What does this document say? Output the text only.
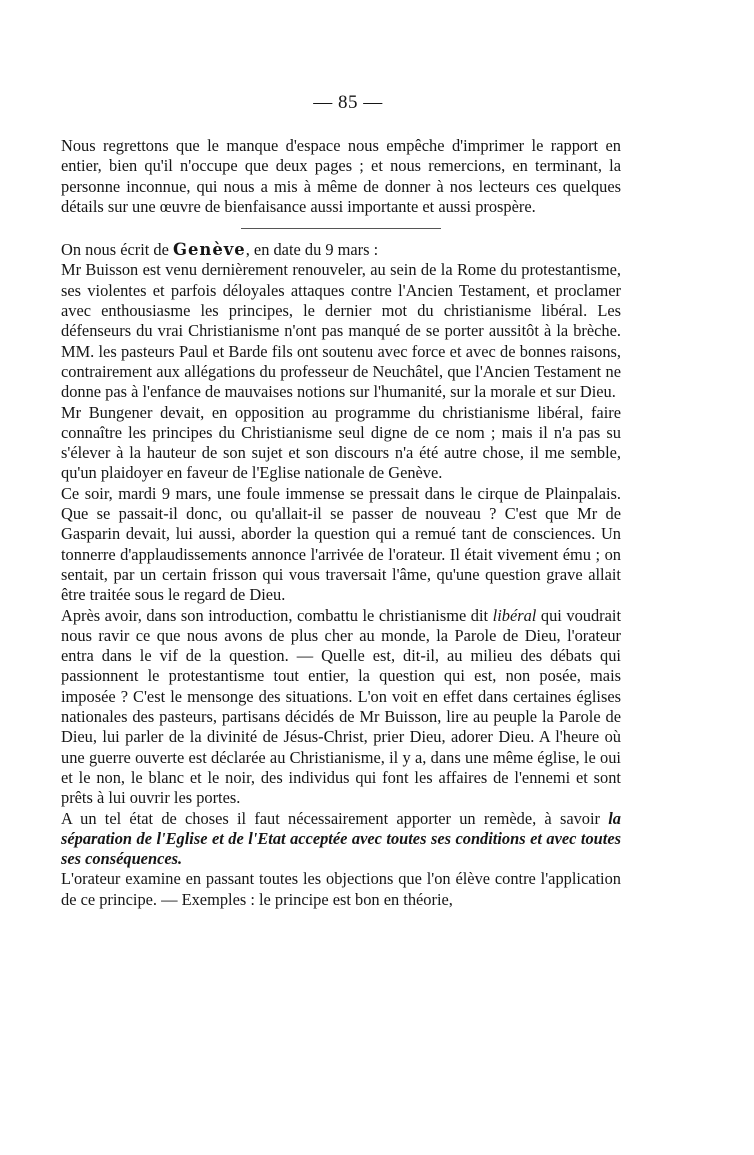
— 85 —

Nous regrettons que le manque d'espace nous empêche d'imprimer le rapport en entier, bien qu'il n'occupe que deux pages ; et nous remercions, en terminant, la personne inconnue, qui nous a mis à même de donner à nos lecteurs ces quelques détails sur une œuvre de bienfaisance aussi importante et aussi prospère.

On nous écrit de Genève, en date du 9 mars :

Mr Buisson est venu dernièrement renouveler, au sein de la Rome du protestantisme, ses violentes et parfois déloyales attaques contre l'Ancien Testament, et proclamer avec enthousiasme les principes, le dernier mot du christianisme libéral. Les défenseurs du vrai Christianisme n'ont pas manqué de se porter aussitôt à la brèche. MM. les pasteurs Paul et Barde fils ont soutenu avec force et avec de bonnes raisons, contrairement aux allégations du professeur de Neuchâtel, que l'Ancien Testament ne donne pas à l'enfance de mauvaises notions sur l'humanité, sur la morale et sur Dieu.

Mr Bungener devait, en opposition au programme du christianisme libéral, faire connaître les principes du Christianisme seul digne de ce nom ; mais il n'a pas su s'élever à la hauteur de son sujet et son discours n'a été autre chose, il me semble, qu'un plaidoyer en faveur de l'Eglise nationale de Genève.

Ce soir, mardi 9 mars, une foule immense se pressait dans le cirque de Plainpalais. Que se passait-il donc, ou qu'allait-il se passer de nouveau ? C'est que Mr de Gasparin devait, lui aussi, aborder la question qui a remué tant de consciences. Un tonnerre d'applaudissements annonce l'arrivée de l'orateur. Il était vivement ému ; on sentait, par un certain frisson qui vous traversait l'âme, qu'une question grave allait être traitée sous le regard de Dieu.

Après avoir, dans son introduction, combattu le christianisme dit libéral qui voudrait nous ravir ce que nous avons de plus cher au monde, la Parole de Dieu, l'orateur entra dans le vif de la question. — Quelle est, dit-il, au milieu des débats qui passionnent le protestantisme tout entier, la question qui est, non posée, mais imposée ? C'est le mensonge des situations. L'on voit en effet dans certaines églises nationales des pasteurs, partisans décidés de Mr Buisson, lire au peuple la Parole de Dieu, lui parler de la divinité de Jésus-Christ, prier Dieu, adorer Dieu. A l'heure où une guerre ouverte est déclarée au Christianisme, il y a, dans une même église, le oui et le non, le blanc et le noir, des individus qui font les affaires de l'ennemi et sont prêts à lui ouvrir les portes.

A un tel état de choses il faut nécessairement apporter un remède, à savoir la séparation de l'Eglise et de l'Etat acceptée avec toutes ses conditions et avec toutes ses conséquences.

L'orateur examine en passant toutes les objections que l'on élève contre l'application de ce principe. — Exemples : le principe est bon en théorie,
